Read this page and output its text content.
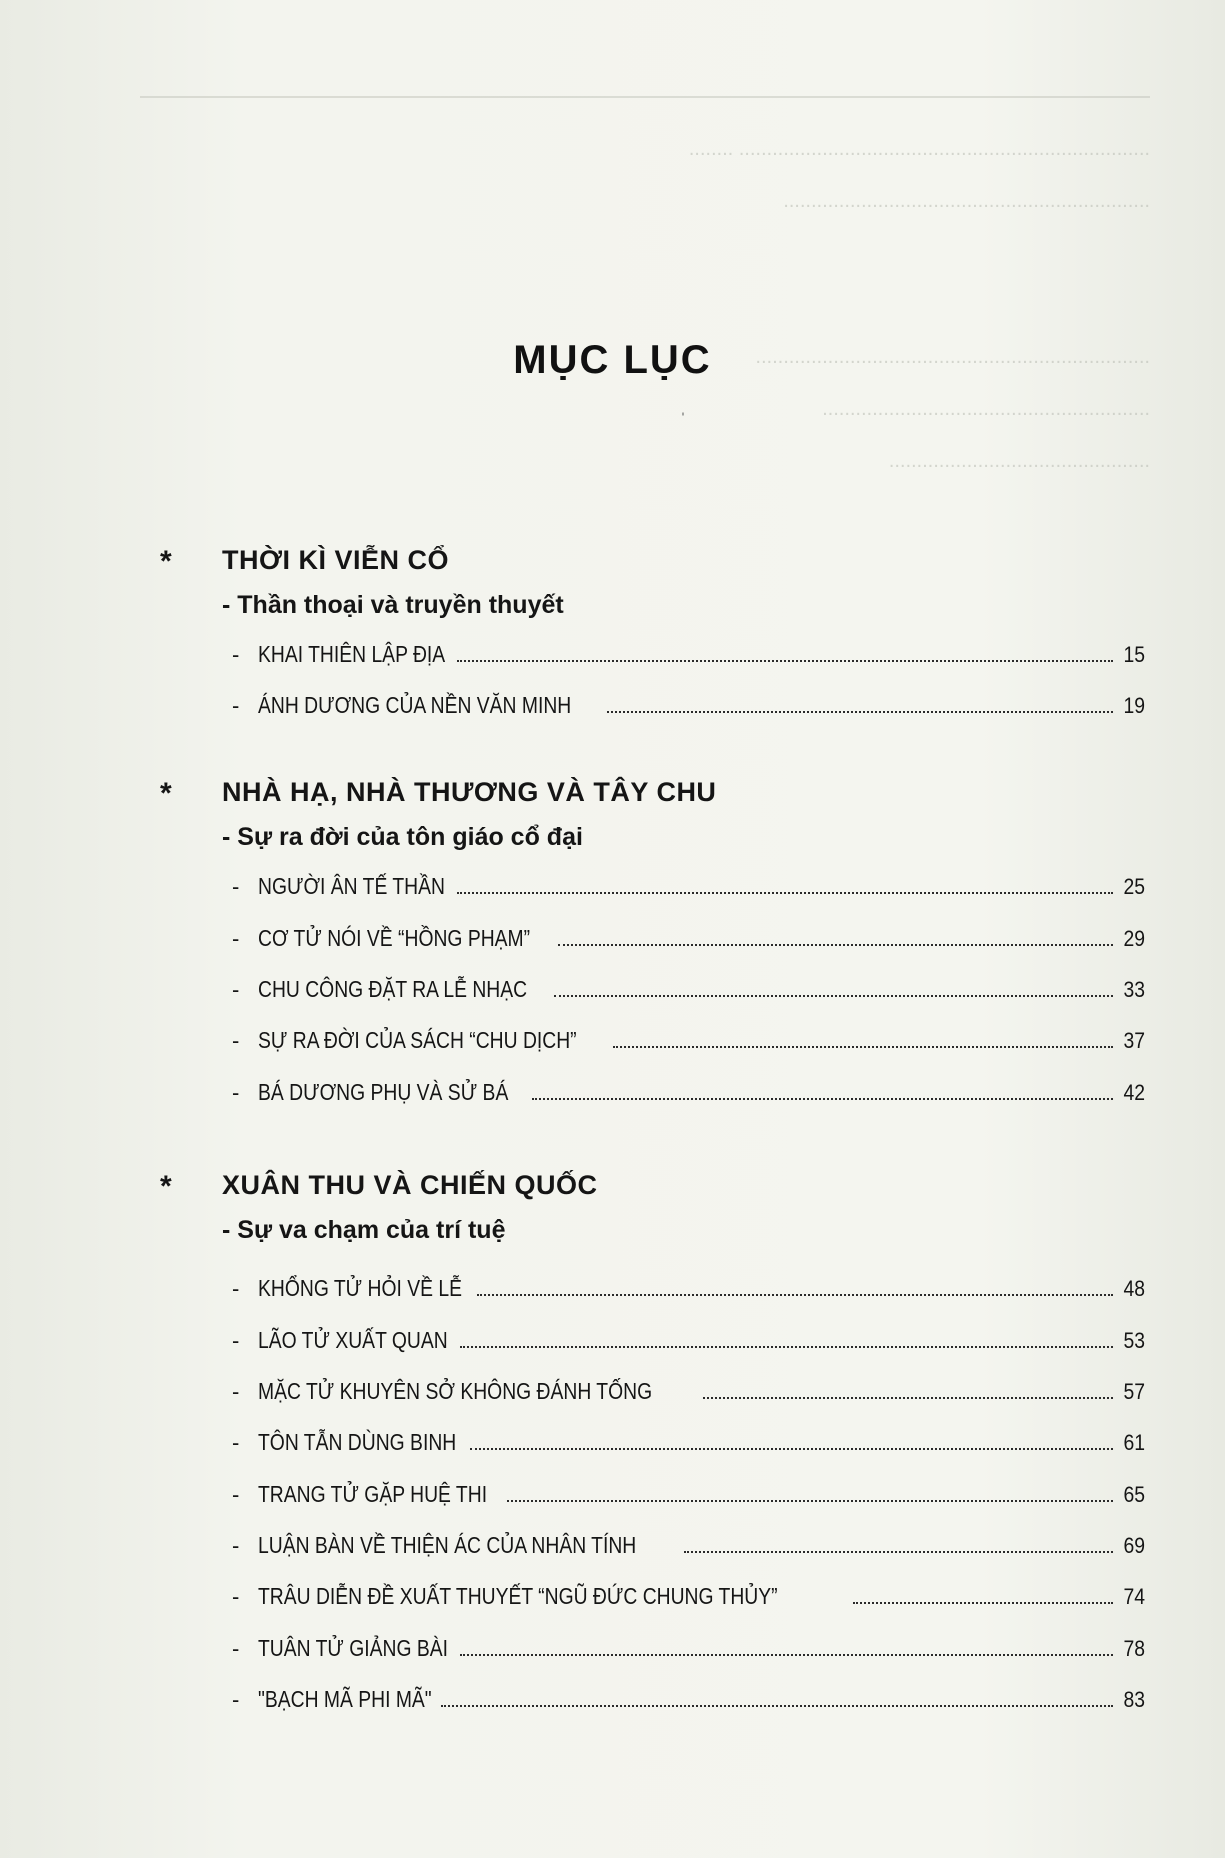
.......................................................................... ........
..................................................................

.......................................................................
...........................................................
...............................................
MỤC LỤC
ˈ
* THỜI KÌ VIỄN CỔ
- Thần thoại và truyền thuyết
- KHAI THIÊN LẬP ĐỊA	15
- ÁNH DƯƠNG CỦA NỀN VĂN MINH	19
* NHÀ HẠ, NHÀ THƯƠNG VÀ TÂY CHU
- Sự ra đời của tôn giáo cổ đại
- NGƯỜI ÂN TẾ THẦN	25
- CƠ TỬ NÓI VỀ “HỒNG PHẠM”	29
- CHU CÔNG ĐẶT RA LỄ NHẠC	33
- SỰ RA ĐỜI CỦA SÁCH “CHU DỊCH”	37
- BÁ DƯƠNG PHỤ VÀ SỬ BÁ	42
* XUÂN THU VÀ CHIẾN QUỐC
- Sự va chạm của trí tuệ
- KHỔNG TỬ HỎI VỀ LỄ	48
- LÃO TỬ XUẤT QUAN	53
- MẶC TỬ KHUYÊN SỞ KHÔNG ĐÁNH TỐNG	57
- TÔN TẪN DÙNG BINH	61
- TRANG TỬ GẶP HUỆ THI	65
- LUẬN BÀN VỀ THIỆN ÁC CỦA NHÂN TÍNH	69
- TRÂU DIỄN ĐỀ XUẤT THUYẾT “NGŨ ĐỨC CHUNG THỦY”	74
- TUÂN TỬ GIẢNG BÀI	78
- "BẠCH MÃ PHI MÃ"	83
